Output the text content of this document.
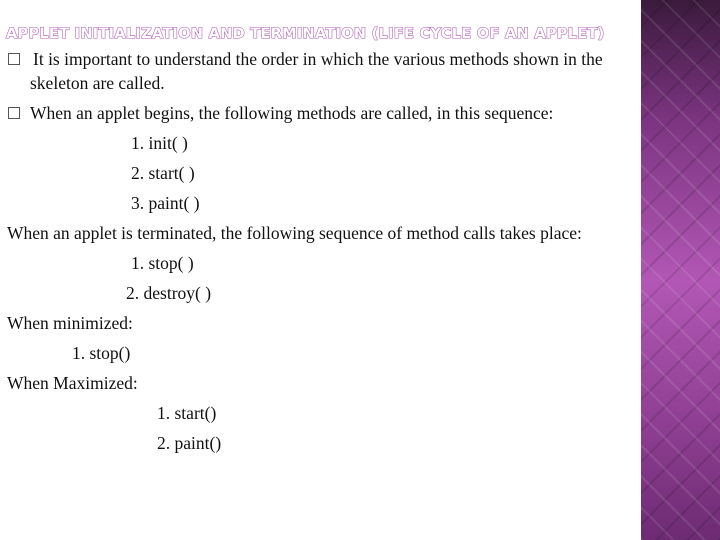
APPLET INITIALIZATION AND TERMINATION (LIFE CYCLE OF AN APPLET)

It is important to understand the order in which the various methods shown in the

skeleton are called.

When an applet begins, the following methods are called, in this sequence:

1. init( )

2. start( )

3. paint( )

When an applet is terminated, the following sequence of method calls takes place:

1. stop( )

2. destroy( )

When minimized:

1. stop()

When Maximized:

1. start()

2. paint()
